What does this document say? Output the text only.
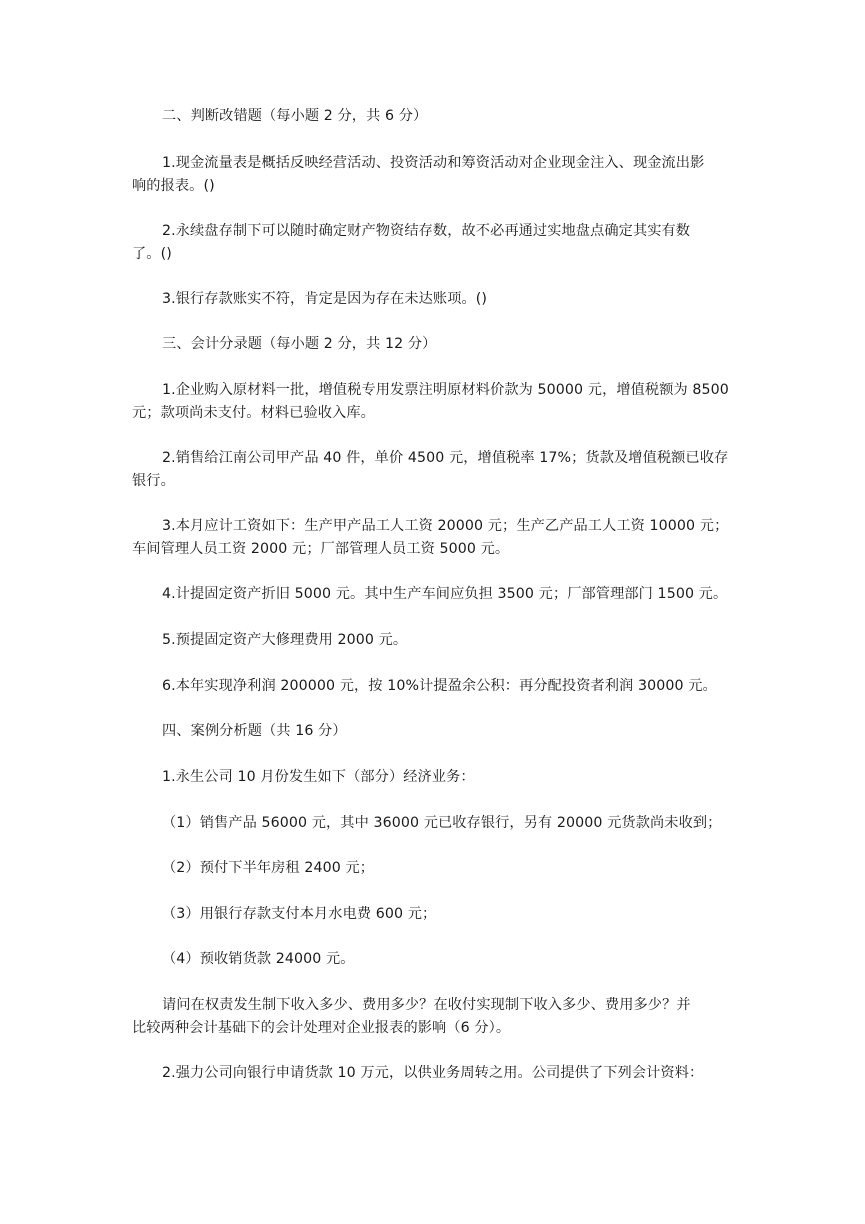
二、判断改错题（每小题 2 分，共 6 分）
1.现金流量表是概括反映经营活动、投资活动和筹资活动对企业现金注入、现金流出影
响的报表。()
2.永续盘存制下可以随时确定财产物资结存数，故不必再通过实地盘点确定其实有数
了。()
3.银行存款账实不符，肯定是因为存在未达账项。()
三、会计分录题（每小题 2 分，共 12 分）
1.企业购入原材料一批，增值税专用发票注明原材料价款为 50000 元，增值税额为 8500
元；款项尚未支付。材料已验收入库。
2.销售给江南公司甲产品 40 件，单价 4500 元，增值税率 17%；货款及增值税额已收存
银行。
3.本月应计工资如下：生产甲产品工人工资 20000 元；生产乙产品工人工资 10000 元；
车间管理人员工资 2000 元；厂部管理人员工资 5000 元。
4.计提固定资产折旧 5000 元。其中生产车间应负担 3500 元；厂部管理部门 1500 元。
5.预提固定资产大修理费用 2000 元。
6.本年实现净利润 200000 元，按 10%计提盈余公积：再分配投资者利润 30000 元。
四、案例分析题（共 16 分）
1.永生公司 10 月份发生如下（部分）经济业务：
（1）销售产品 56000 元，其中 36000 元已收存银行，另有 20000 元货款尚未收到；
（2）预付下半年房租 2400 元；
（3）用银行存款支付本月水电费 600 元；
（4）预收销货款 24000 元。
请问在权责发生制下收入多少、费用多少？在收付实现制下收入多少、费用多少？并
比较两种会计基础下的会计处理对企业报表的影响（6 分）。
2.强力公司向银行申请货款 10 万元，以供业务周转之用。公司提供了下列会计资料：
